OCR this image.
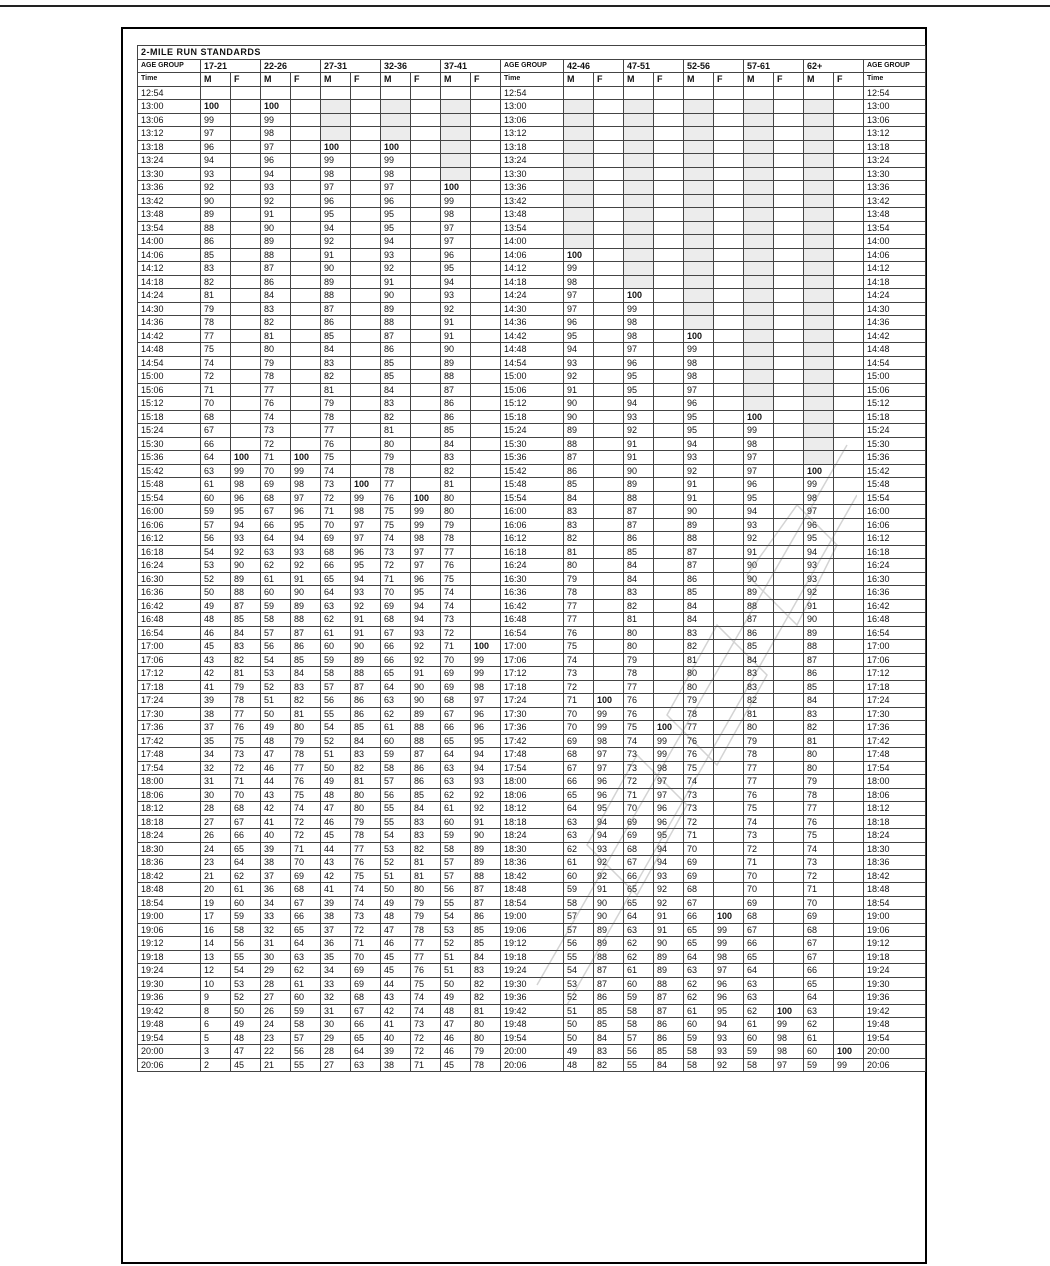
2-MILE RUN STANDARDS																						
AGE GROUP	17-21		22-26		27-31		32-36		37-41		AGE GROUP	42-46		47-51		52-56		57-61		62+		AGE GROUP
Time	M	F	M	F	M	F	M	F	M	F	Time	M	F	M	F	M	F	M	F	M	F	Time
12:54											12:54											12:54
13:00	100		100								13:00											13:00
13:06	99		99								13:06											13:06
13:12	97		98								13:12											13:12
13:18	96		97		100		100				13:18											13:18
13:24	94		96		99		99				13:24											13:24
13:30	93		94		98		98				13:30											13:30
13:36	92		93		97		97		100		13:36											13:36
13:42	90		92		96		96		99		13:42											13:42
13:48	89		91		95		95		98		13:48											13:48
13:54	88		90		94		95		97		13:54											13:54
14:00	86		89		92		94		97		14:00											14:00
14:06	85		88		91		93		96		14:06	100										14:06
14:12	83		87		90		92		95		14:12	99										14:12
14:18	82		86		89		91		94		14:18	98										14:18
14:24	81		84		88		90		93		14:24	97		100								14:24
14:30	79		83		87		89		92		14:30	97		99								14:30
14:36	78		82		86		88		91		14:36	96		98								14:36
14:42	77		81		85		87		91		14:42	95		98		100						14:42
14:48	75		80		84		86		90		14:48	94		97		99						14:48
14:54	74		79		83		85		89		14:54	93		96		98						14:54
15:00	72		78		82		85		88		15:00	92		95		98						15:00
15:06	71		77		81		84		87		15:06	91		95		97						15:06
15:12	70		76		79		83		86		15:12	90		94		96						15:12
15:18	68		74		78		82		86		15:18	90		93		95		100				15:18
15:24	67		73		77		81		85		15:24	89		92		95		99				15:24
15:30	66		72		76		80		84		15:30	88		91		94		98				15:30
15:36	64	100	71	100	75		79		83		15:36	87		91		93		97				15:36
15:42	63	99	70	99	74		78		82		15:42	86		90		92		97		100		15:42
15:48	61	98	69	98	73	100	77		81		15:48	85		89		91		96		99		15:48
15:54	60	96	68	97	72	99	76	100	80		15:54	84		88		91		95		98		15:54
16:00	59	95	67	96	71	98	75	99	80		16:00	83		87		90		94		97		16:00
16:06	57	94	66	95	70	97	75	99	79		16:06	83		87		89		93		96		16:06
16:12	56	93	64	94	69	97	74	98	78		16:12	82		86		88		92		95		16:12
16:18	54	92	63	93	68	96	73	97	77		16:18	81		85		87		91		94		16:18
16:24	53	90	62	92	66	95	72	97	76		16:24	80		84		87		90		93		16:24
16:30	52	89	61	91	65	94	71	96	75		16:30	79		84		86		90		93		16:30
16:36	50	88	60	90	64	93	70	95	74		16:36	78		83		85		89		92		16:36
16:42	49	87	59	89	63	92	69	94	74		16:42	77		82		84		88		91		16:42
16:48	48	85	58	88	62	91	68	94	73		16:48	77		81		84		87		90		16:48
16:54	46	84	57	87	61	91	67	93	72		16:54	76		80		83		86		89		16:54
17:00	45	83	56	86	60	90	66	92	71	100	17:00	75		80		82		85		88		17:00
17:06	43	82	54	85	59	89	66	92	70	99	17:06	74		79		81		84		87		17:06
17:12	42	81	53	84	58	88	65	91	69	99	17:12	73		78		80		83		86		17:12
17:18	41	79	52	83	57	87	64	90	69	98	17:18	72		77		80		83		85		17:18
17:24	39	78	51	82	56	86	63	90	68	97	17:24	71	100	76		79		82		84		17:24
17:30	38	77	50	81	55	86	62	89	67	96	17:30	70	99	76		78		81		83		17:30
17:36	37	76	49	80	54	85	61	88	66	96	17:36	70	99	75	100	77		80		82		17:36
17:42	35	75	48	79	52	84	60	88	65	95	17:42	69	98	74	99	76		79		81		17:42
17:48	34	73	47	78	51	83	59	87	64	94	17:48	68	97	73	99	76		78		80		17:48
17:54	32	72	46	77	50	82	58	86	63	94	17:54	67	97	73	98	75		77		80		17:54
18:00	31	71	44	76	49	81	57	86	63	93	18:00	66	96	72	97	74		77		79		18:00
18:06	30	70	43	75	48	80	56	85	62	92	18:06	65	96	71	97	73		76		78		18:06
18:12	28	68	42	74	47	80	55	84	61	92	18:12	64	95	70	96	73		75		77		18:12
18:18	27	67	41	72	46	79	55	83	60	91	18:18	63	94	69	96	72		74		76		18:18
18:24	26	66	40	72	45	78	54	83	59	90	18:24	63	94	69	95	71		73		75		18:24
18:30	24	65	39	71	44	77	53	82	58	89	18:30	62	93	68	94	70		72		74		18:30
18:36	23	64	38	70	43	76	52	81	57	89	18:36	61	92	67	94	69		71		73		18:36
18:42	21	62	37	69	42	75	51	81	57	88	18:42	60	92	66	93	69		70		72		18:42
18:48	20	61	36	68	41	74	50	80	56	87	18:48	59	91	65	92	68		70		71		18:48
18:54	19	60	34	67	39	74	49	79	55	87	18:54	58	90	65	92	67		69		70		18:54
19:00	17	59	33	66	38	73	48	79	54	86	19:00	57	90	64	91	66	100	68		69		19:00
19:06	16	58	32	65	37	72	47	78	53	85	19:06	57	89	63	91	65	99	67		68		19:06
19:12	14	56	31	64	36	71	46	77	52	85	19:12	56	89	62	90	65	99	66		67		19:12
19:18	13	55	30	63	35	70	45	77	51	84	19:18	55	88	62	89	64	98	65		67		19:18
19:24	12	54	29	62	34	69	45	76	51	83	19:24	54	87	61	89	63	97	64		66		19:24
19:30	10	53	28	61	33	69	44	75	50	82	19:30	53	87	60	88	62	96	63		65		19:30
19:36	9	52	27	60	32	68	43	74	49	82	19:36	52	86	59	87	62	96	63		64		19:36
19:42	8	50	26	59	31	67	42	74	48	81	19:42	51	85	58	87	61	95	62	100	63		19:42
19:48	6	49	24	58	30	66	41	73	47	80	19:48	50	85	58	86	60	94	61	99	62		19:48
19:54	5	48	23	57	29	65	40	72	46	80	19:54	50	84	57	86	59	93	60	98	61		19:54
20:00	3	47	22	56	28	64	39	72	46	79	20:00	49	83	56	85	58	93	59	98	60	100	20:00
20:06	2	45	21	55	27	63	38	71	45	78	20:06	48	82	55	84	58	92	58	97	59	99	20:06
